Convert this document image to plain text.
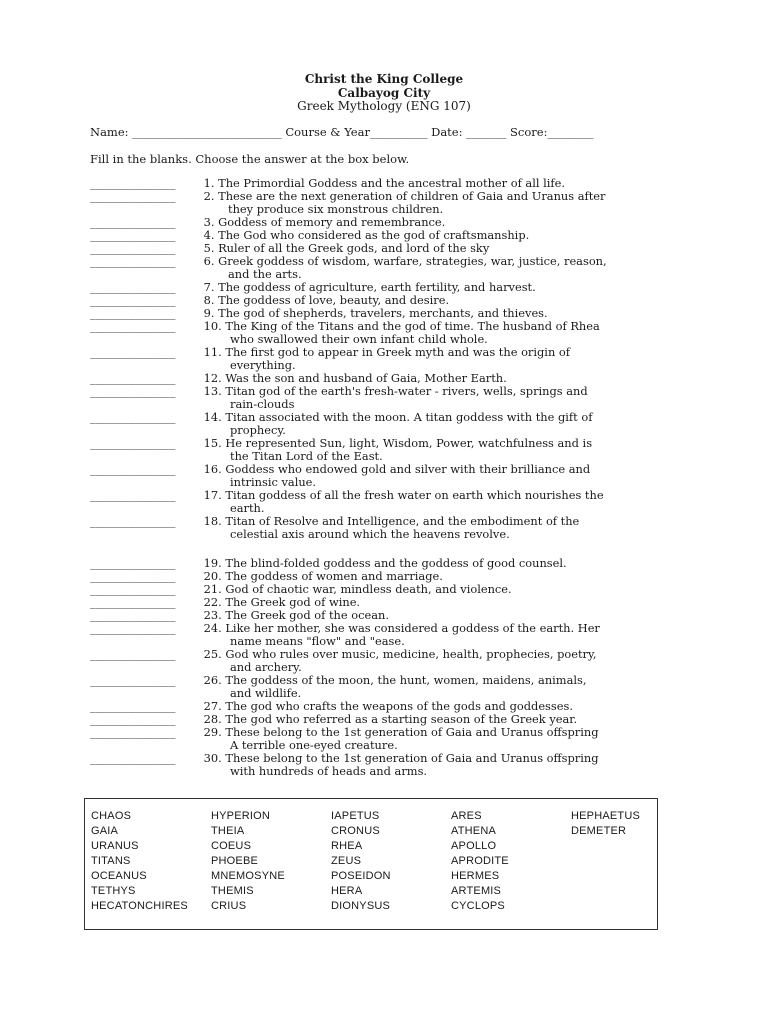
Christ the King College
Calbayog City
Greek Mythology (ENG 107)
Name: __________________________ Course & Year__________ Date: _______ Score:________
Fill in the blanks. Choose the answer at the box below.
_______________ 1. The Primordial Goddess and the ancestral mother of all life.
_______________ 2. These are the next generation of children of Gaia and Uranus after
they produce six monstrous children.
_______________ 3. Goddess of memory and remembrance.
_______________ 4. The God who considered as the god of craftsmanship.
_______________ 5. Ruler of all the Greek gods, and lord of the sky
_______________ 6. Greek goddess of wisdom, warfare, strategies, war, justice, reason,
and the arts.
_______________ 7. The goddess of agriculture, earth fertility, and harvest.
_______________ 8. The goddess of love, beauty, and desire.
_______________ 9. The god of shepherds, travelers, merchants, and thieves.
_______________ 10. The King of the Titans and the god of time. The husband of Rhea
who swallowed their own infant child whole.
_______________ 11. The first god to appear in Greek myth and was the origin of
everything.
_______________ 12. Was the son and husband of Gaia, Mother Earth.
_______________ 13. Titan god of the earth's fresh-water - rivers, wells, springs and
rain-clouds
_______________ 14. Titan associated with the moon. A titan goddess with the gift of
prophecy.
_______________ 15. He represented Sun, light, Wisdom, Power, watchfulness and is
the Titan Lord of the East.
_______________ 16. Goddess who endowed gold and silver with their brilliance and
intrinsic value.
_______________ 17. Titan goddess of all the fresh water on earth which nourishes the
earth.
_______________ 18. Titan of Resolve and Intelligence, and the embodiment of the
celestial axis around which the heavens revolve.
_______________ 19. The blind-folded goddess and the goddess of good counsel.
_______________ 20. The goddess of women and marriage.
_______________ 21. God of chaotic war, mindless death, and violence.
_______________ 22. The Greek god of wine.
_______________ 23. The Greek god of the ocean.
_______________ 24. Like her mother, she was considered a goddess of the earth. Her
name means "flow" and "ease.
_______________ 25. God who rules over music, medicine, health, prophecies, poetry,
and archery.
_______________ 26. The goddess of the moon, the hunt, women, maidens, animals,
and wildlife.
_______________ 27. The god who crafts the weapons of the gods and goddesses.
_______________ 28. The god who referred as a starting season of the Greek year.
_______________ 29. These belong to the 1st generation of Gaia and Uranus offspring
A terrible one-eyed creature.
_______________ 30. These belong to the 1st generation of Gaia and Uranus offspring
with hundreds of heads and arms.
CHAOS
GAIA
URANUS
TITANS
OCEANUS
TETHYS
HECATONCHIRES
HYPERION
THEIA
COEUS
PHOEBE
MNEMOSYNE
THEMIS
CRIUS
IAPETUS
CRONUS
RHEA
ZEUS
POSEIDON
HERA
DIONYSUS
ARES
ATHENA
APOLLO
APRODITE
HERMES
ARTEMIS
CYCLOPS
HEPHAETUS
DEMETER
